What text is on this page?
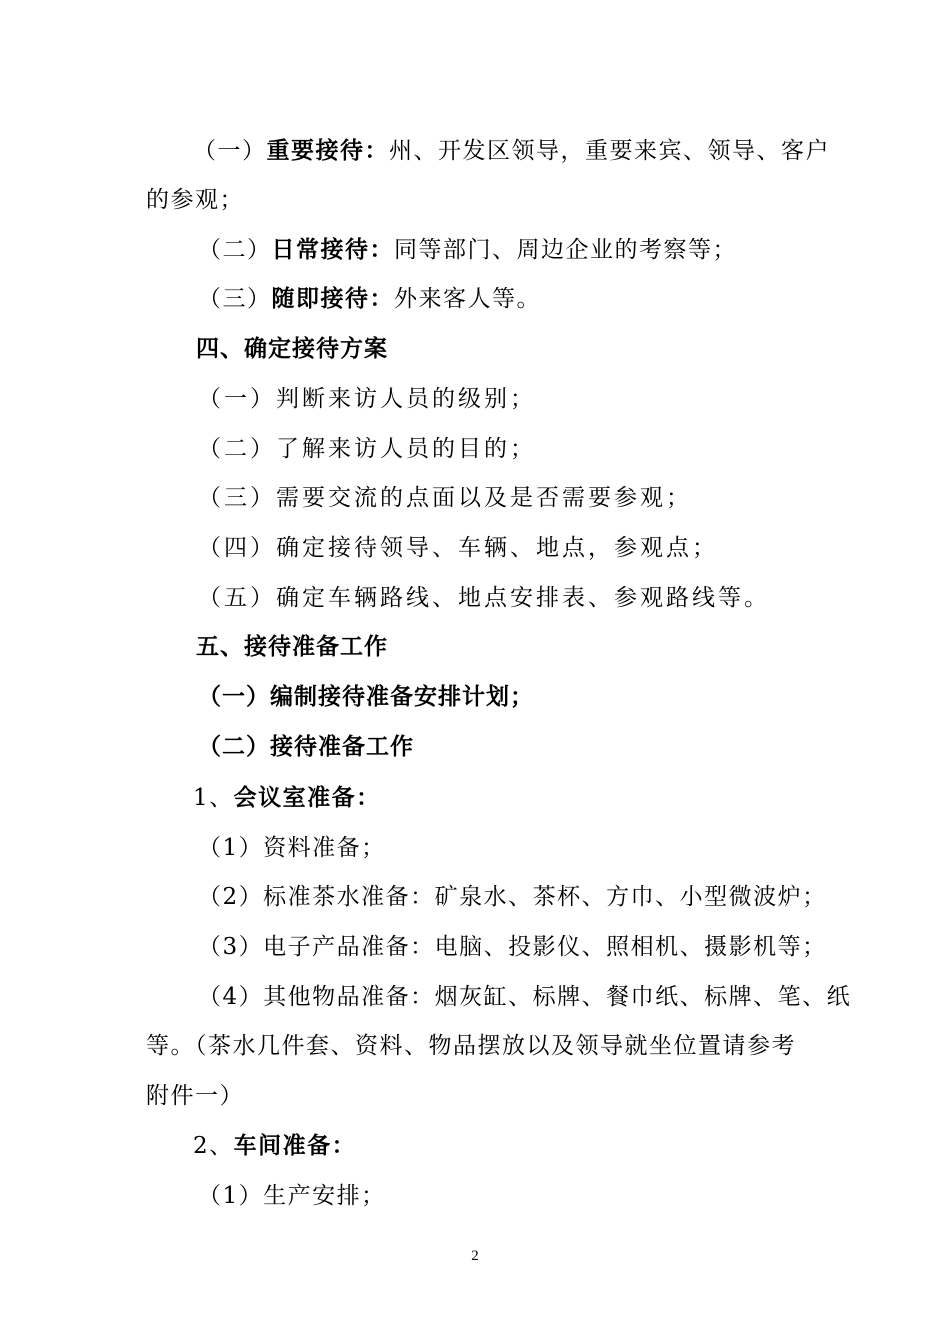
（一）重要接待：州、开发区领导，重要来宾、领导、客户
的参观；
（二）日常接待：同等部门、周边企业的考察等；
（三）随即接待：外来客人等。
四、确定接待方案
（一）判断来访人员的级别；
（二）了解来访人员的目的；
（三）需要交流的点面以及是否需要参观；
（四）确定接待领导、车辆、地点，参观点；
（五）确定车辆路线、地点安排表、参观路线等。
五、接待准备工作
（一）编制接待准备安排计划；
（二）接待准备工作
1、会议室准备：
（1）资料准备；
（2）标准茶水准备：矿泉水、茶杯、方巾、小型微波炉；
（3）电子产品准备：电脑、投影仪、照相机、摄影机等；
（4）其他物品准备：烟灰缸、标牌、餐巾纸、标牌、笔、纸
等。（茶水几件套、资料、物品摆放以及领导就坐位置请参考
附件一）
2、车间准备：
（1）生产安排；
2
